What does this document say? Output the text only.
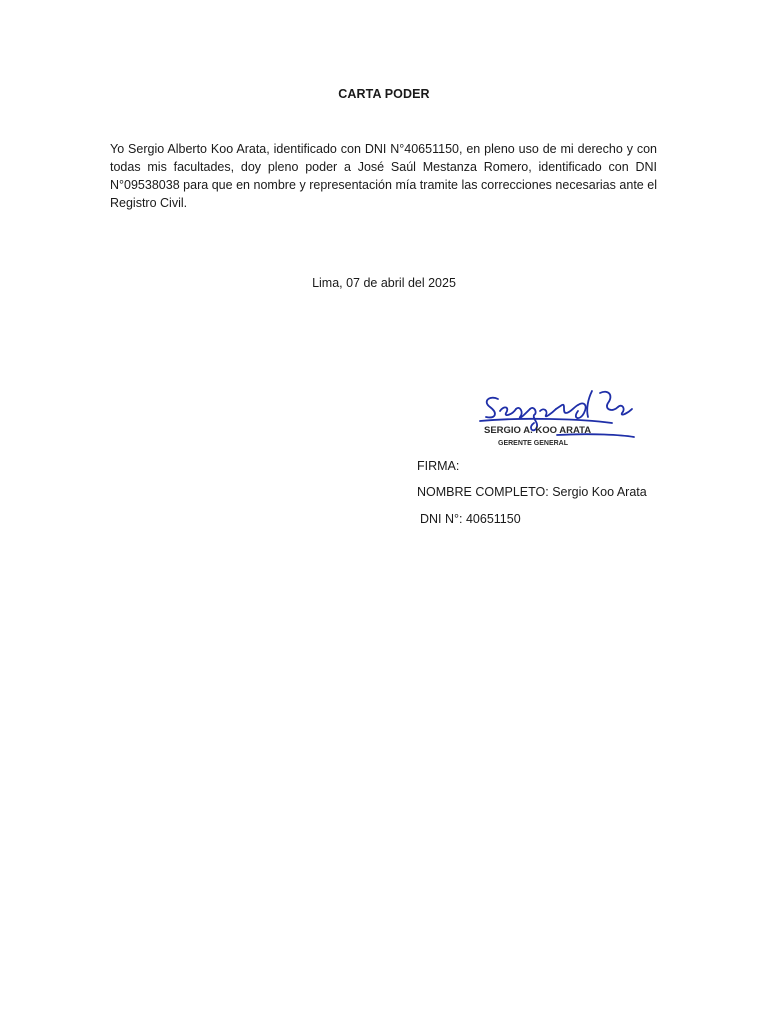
CARTA PODER
Yo Sergio Alberto Koo Arata, identificado con DNI N°40651150, en pleno uso de mi derecho y con todas mis facultades, doy pleno poder a José Saúl Mestanza Romero, identificado con DNI N°09538038 para que en nombre y representación mía tramite las correcciones necesarias ante el Registro Civil.
Lima, 07 de abril del 2025
SERGIO A. KOO ARATA
GERENTE GENERAL
FIRMA:
NOMBRE COMPLETO: Sergio Koo Arata
DNI N°: 40651150
